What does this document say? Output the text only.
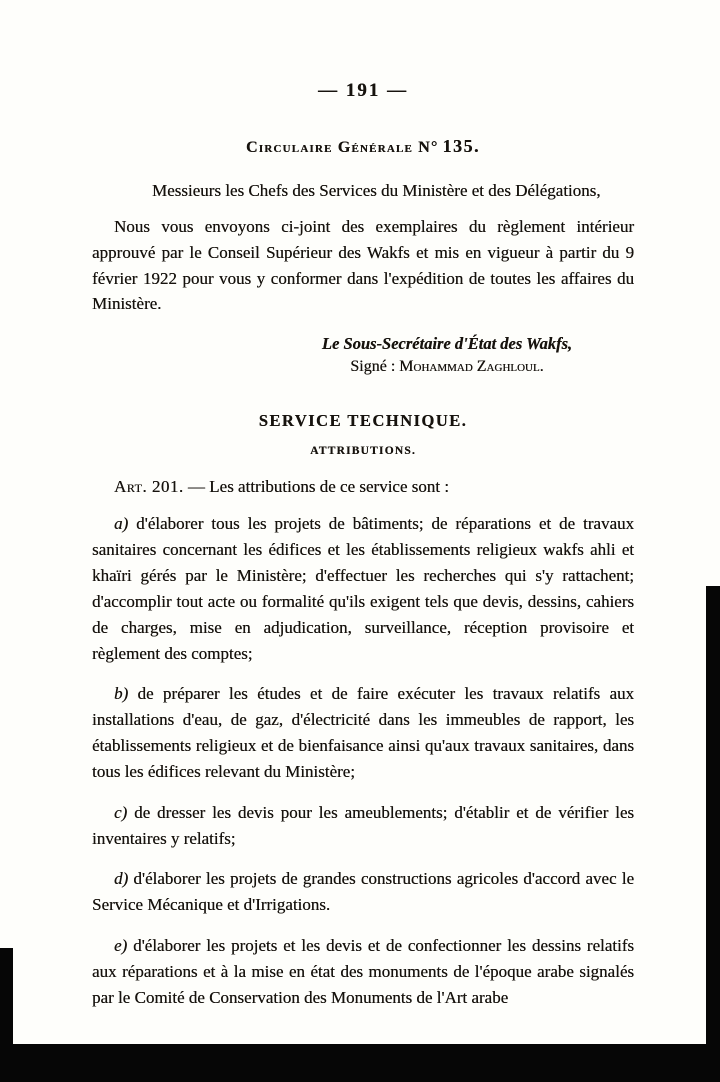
— 191 —
Circulaire Générale N° 135.

Messieurs les Chefs des Services du Ministère et des Délégations,

Nous vous envoyons ci-joint des exemplaires du règlement intérieur approuvé par le Conseil Supérieur des Wakfs et mis en vigueur à partir du 9 février 1922 pour vous y conformer dans l'expédition de toutes les affaires du Ministère.

Le Sous-Secrétaire d'État des Wakfs,
Signé : Mohammad Zaghloul.
SERVICE TECHNIQUE.
ATTRIBUTIONS.

Art. 201. — Les attributions de ce service sont :

a) d'élaborer tous les projets de bâtiments; de réparations et de travaux sanitaires concernant les édifices et les établissements religieux wakfs ahli et khaïri gérés par le Ministère; d'effectuer les recherches qui s'y rattachent; d'accomplir tout acte ou formalité qu'ils exigent tels que devis, dessins, cahiers de charges, mise en adjudication, surveillance, réception provisoire et règlement des comptes;

b) de préparer les études et de faire exécuter les travaux relatifs aux installations d'eau, de gaz, d'électricité dans les immeubles de rapport, les établissements religieux et de bienfaisance ainsi qu'aux travaux sanitaires, dans tous les édifices relevant du Ministère;

c) de dresser les devis pour les ameublements; d'établir et de vérifier les inventaires y relatifs;

d) d'élaborer les projets de grandes constructions agricoles d'accord avec le Service Mécanique et d'Irrigations.

e) d'élaborer les projets et les devis et de confectionner les dessins relatifs aux réparations et à la mise en état des monuments de l'époque arabe signalés par le Comité de Conservation des Monuments de l'Art arabe
